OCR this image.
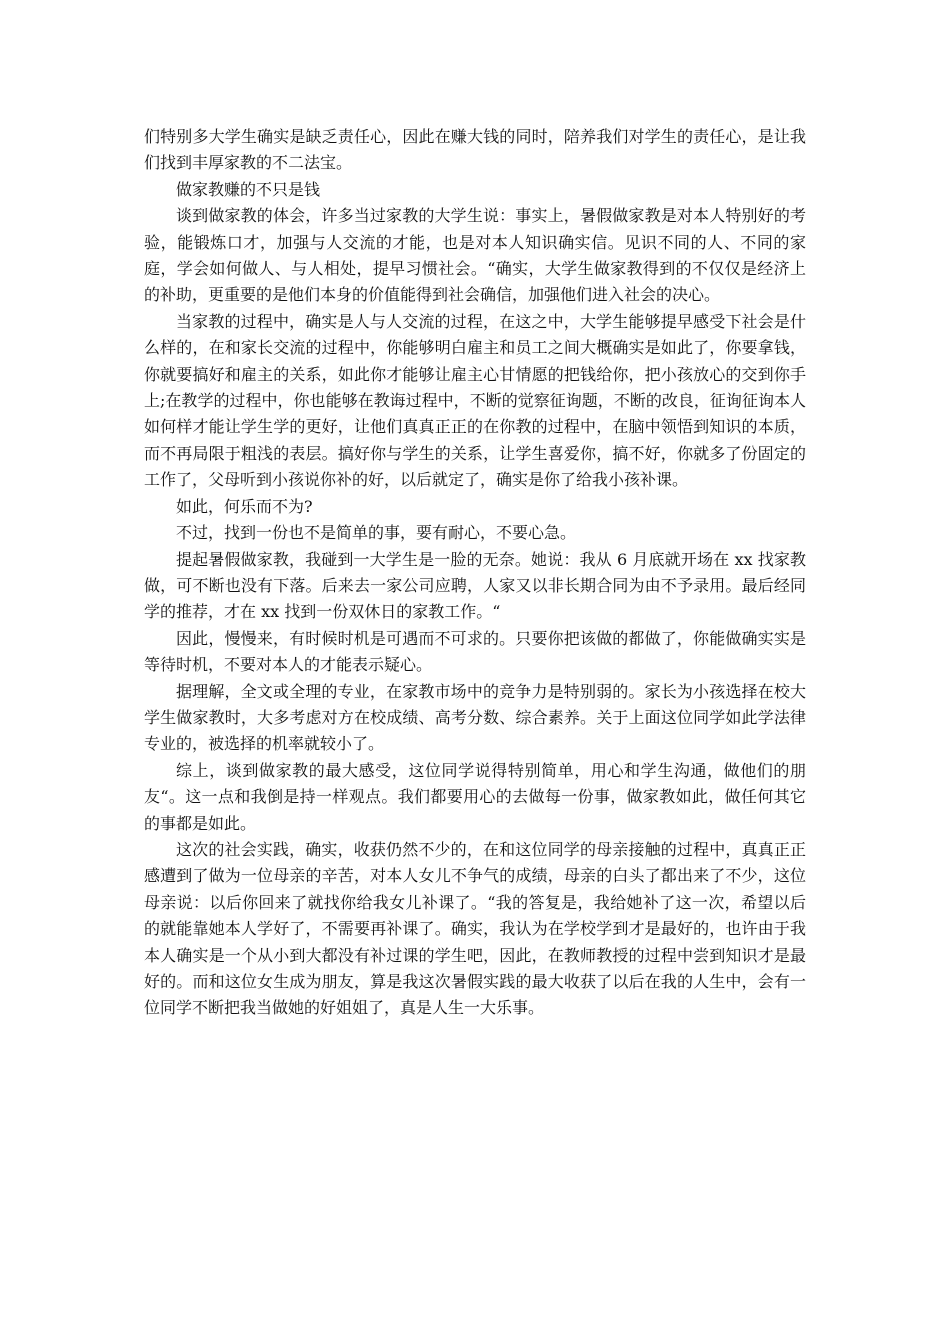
们特别多大学生确实是缺乏责任心，因此在赚大钱的同时，陪养我们对学生的责任心，是让我们找到丰厚家教的不二法宝。

做家教赚的不只是钱

谈到做家教的体会，许多当过家教的大学生说：事实上，暑假做家教是对本人特别好的考验，能锻炼口才，加强与人交流的才能，也是对本人知识确实信。见识不同的人、不同的家庭，学会如何做人、与人相处，提早习惯社会。“确实，大学生做家教得到的不仅仅是经济上的补助，更重要的是他们本身的价值能得到社会确信，加强他们进入社会的决心。

当家教的过程中，确实是人与人交流的过程，在这之中，大学生能够提早感受下社会是什么样的，在和家长交流的过程中，你能够明白雇主和员工之间大概确实是如此了，你要拿钱，你就要搞好和雇主的关系，如此你才能够让雇主心甘情愿的把钱给你，把小孩放心的交到你手上;在教学的过程中，你也能够在教诲过程中，不断的觉察征询题，不断的改良，征询征询本人如何样才能让学生学的更好，让他们真真正正的在你教的过程中，在脑中领悟到知识的本质，而不再局限于粗浅的表层。搞好你与学生的关系，让学生喜爱你，搞不好，你就多了份固定的工作了，父母听到小孩说你补的好，以后就定了，确实是你了给我小孩补课。

如此，何乐而不为?

不过，找到一份也不是简单的事，要有耐心，不要心急。

提起暑假做家教，我碰到一大学生是一脸的无奈。她说：我从 6 月底就开场在 xx 找家教做，可不断也没有下落。后来去一家公司应聘，人家又以非长期合同为由不予录用。最后经同学的推荐，才在 xx 找到一份双休日的家教工作。“

因此，慢慢来，有时候时机是可遇而不可求的。只要你把该做的都做了，你能做确实实是等待时机，不要对本人的才能表示疑心。

据理解，全文或全理的专业，在家教市场中的竞争力是特别弱的。家长为小孩选择在校大学生做家教时，大多考虑对方在校成绩、高考分数、综合素养。关于上面这位同学如此学法律专业的，被选择的机率就较小了。

综上，谈到做家教的最大感受，这位同学说得特别简单，用心和学生沟通，做他们的朋友“。这一点和我倒是持一样观点。我们都要用心的去做每一份事，做家教如此，做任何其它的事都是如此。

这次的社会实践，确实，收获仍然不少的，在和这位同学的母亲接触的过程中，真真正正感遭到了做为一位母亲的辛苦，对本人女儿不争气的成绩，母亲的白头了都出来了不少，这位母亲说：以后你回来了就找你给我女儿补课了。“我的答复是，我给她补了这一次，希望以后的就能靠她本人学好了，不需要再补课了。确实，我认为在学校学到才是最好的，也许由于我本人确实是一个从小到大都没有补过课的学生吧，因此，在教师教授的过程中尝到知识才是最好的。而和这位女生成为朋友，算是我这次暑假实践的最大收获了以后在我的人生中，会有一位同学不断把我当做她的好姐姐了，真是人生一大乐事。
